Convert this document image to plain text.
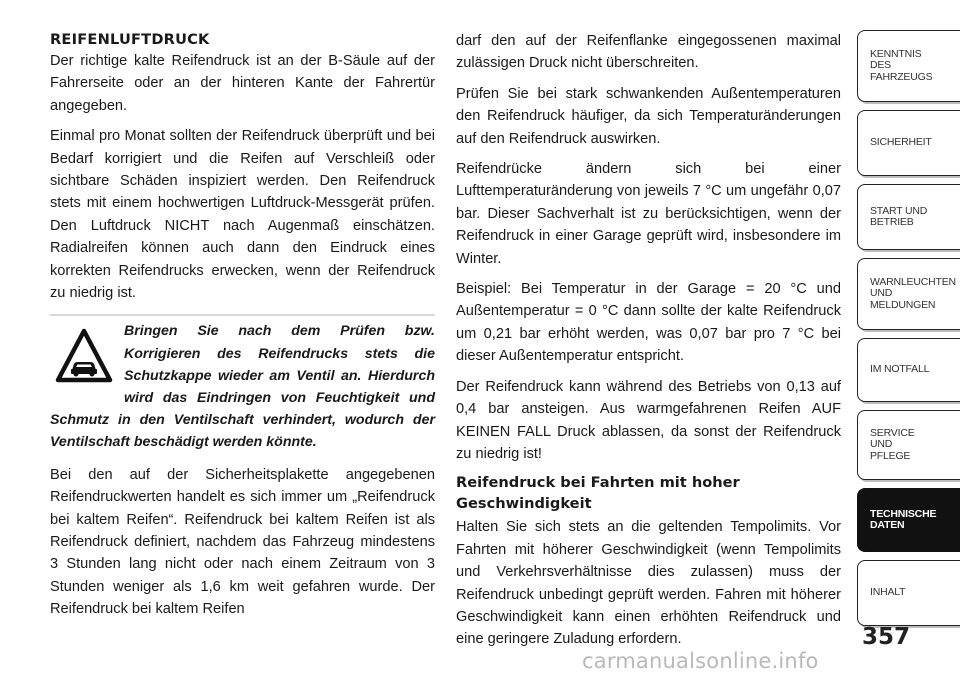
REIFENLUFTDRUCK

Der richtige kalte Reifendruck ist an der B-Säule auf der Fahrerseite oder an der hinteren Kante der Fahrertür angegeben.

Einmal pro Monat sollten der Reifendruck überprüft und bei Bedarf korrigiert und die Reifen auf Verschleiß oder sichtbare Schäden inspiziert werden. Den Reifendruck stets mit einem hochwertigen Luftdruck-Messgerät prüfen. Den Luftdruck NICHT nach Augenmaß einschätzen. Radialreifen können auch dann den Eindruck eines korrekten Reifendrucks erwecken, wenn der Reifendruck zu niedrig ist.

Bringen Sie nach dem Prüfen bzw. Korrigieren des Reifendrucks stets die Schutzkappe wieder am Ventil an. Hierdurch wird das Eindringen von Feuchtigkeit und Schmutz in den Ventilschaft verhindert, wodurch der Ventilschaft beschädigt werden könnte.

Bei den auf der Sicherheitsplakette angegebenen Reifendruckwerten handelt es sich immer um „Reifendruck bei kaltem Reifen“. Reifendruck bei kaltem Reifen ist als Reifendruck definiert, nachdem das Fahrzeug mindestens 3 Stunden lang nicht oder nach einem Zeitraum von 3 Stunden weniger als 1,6 km weit gefahren wurde. Der Reifendruck bei kaltem Reifen

darf den auf der Reifenflanke eingegossenen maximal zulässigen Druck nicht überschreiten.

Prüfen Sie bei stark schwankenden Außentemperaturen den Reifendruck häufiger, da sich Temperaturänderungen auf den Reifendruck auswirken.

Reifendrücke ändern sich bei einer Lufttemperaturänderung von jeweils 7 °C um ungefähr 0,07 bar. Dieser Sachverhalt ist zu berücksichtigen, wenn der Reifendruck in einer Garage geprüft wird, insbesondere im Winter.

Beispiel: Bei Temperatur in der Garage = 20 °C und Außentemperatur = 0 °C dann sollte der kalte Reifendruck um 0,21 bar erhöht werden, was 0,07 bar pro 7 °C bei dieser Außentemperatur entspricht.

Der Reifendruck kann während des Betriebs von 0,13 auf 0,4 bar ansteigen. Aus warmgefahrenen Reifen AUF KEINEN FALL Druck ablassen, da sonst der Reifendruck zu niedrig ist!

Reifendruck bei Fahrten mit hoher Geschwindigkeit

Halten Sie sich stets an die geltenden Tempolimits. Vor Fahrten mit höherer Geschwindigkeit (wenn Tempolimits und Verkehrsverhältnisse dies zulassen) muss der Reifendruck unbedingt geprüft werden. Fahren mit höherer Geschwindigkeit kann einen erhöhten Reifendruck und eine geringere Zuladung erfordern.

KENNTNIS
DES
FAHRZEUGS
SICHERHEIT
START UND
BETRIEB
WARNLEUCHTEN
UND
MELDUNGEN
IM NOTFALL
SERVICE
UND
PFLEGE
TECHNISCHE
DATEN
INHALT
357
carmanualsonline.info
